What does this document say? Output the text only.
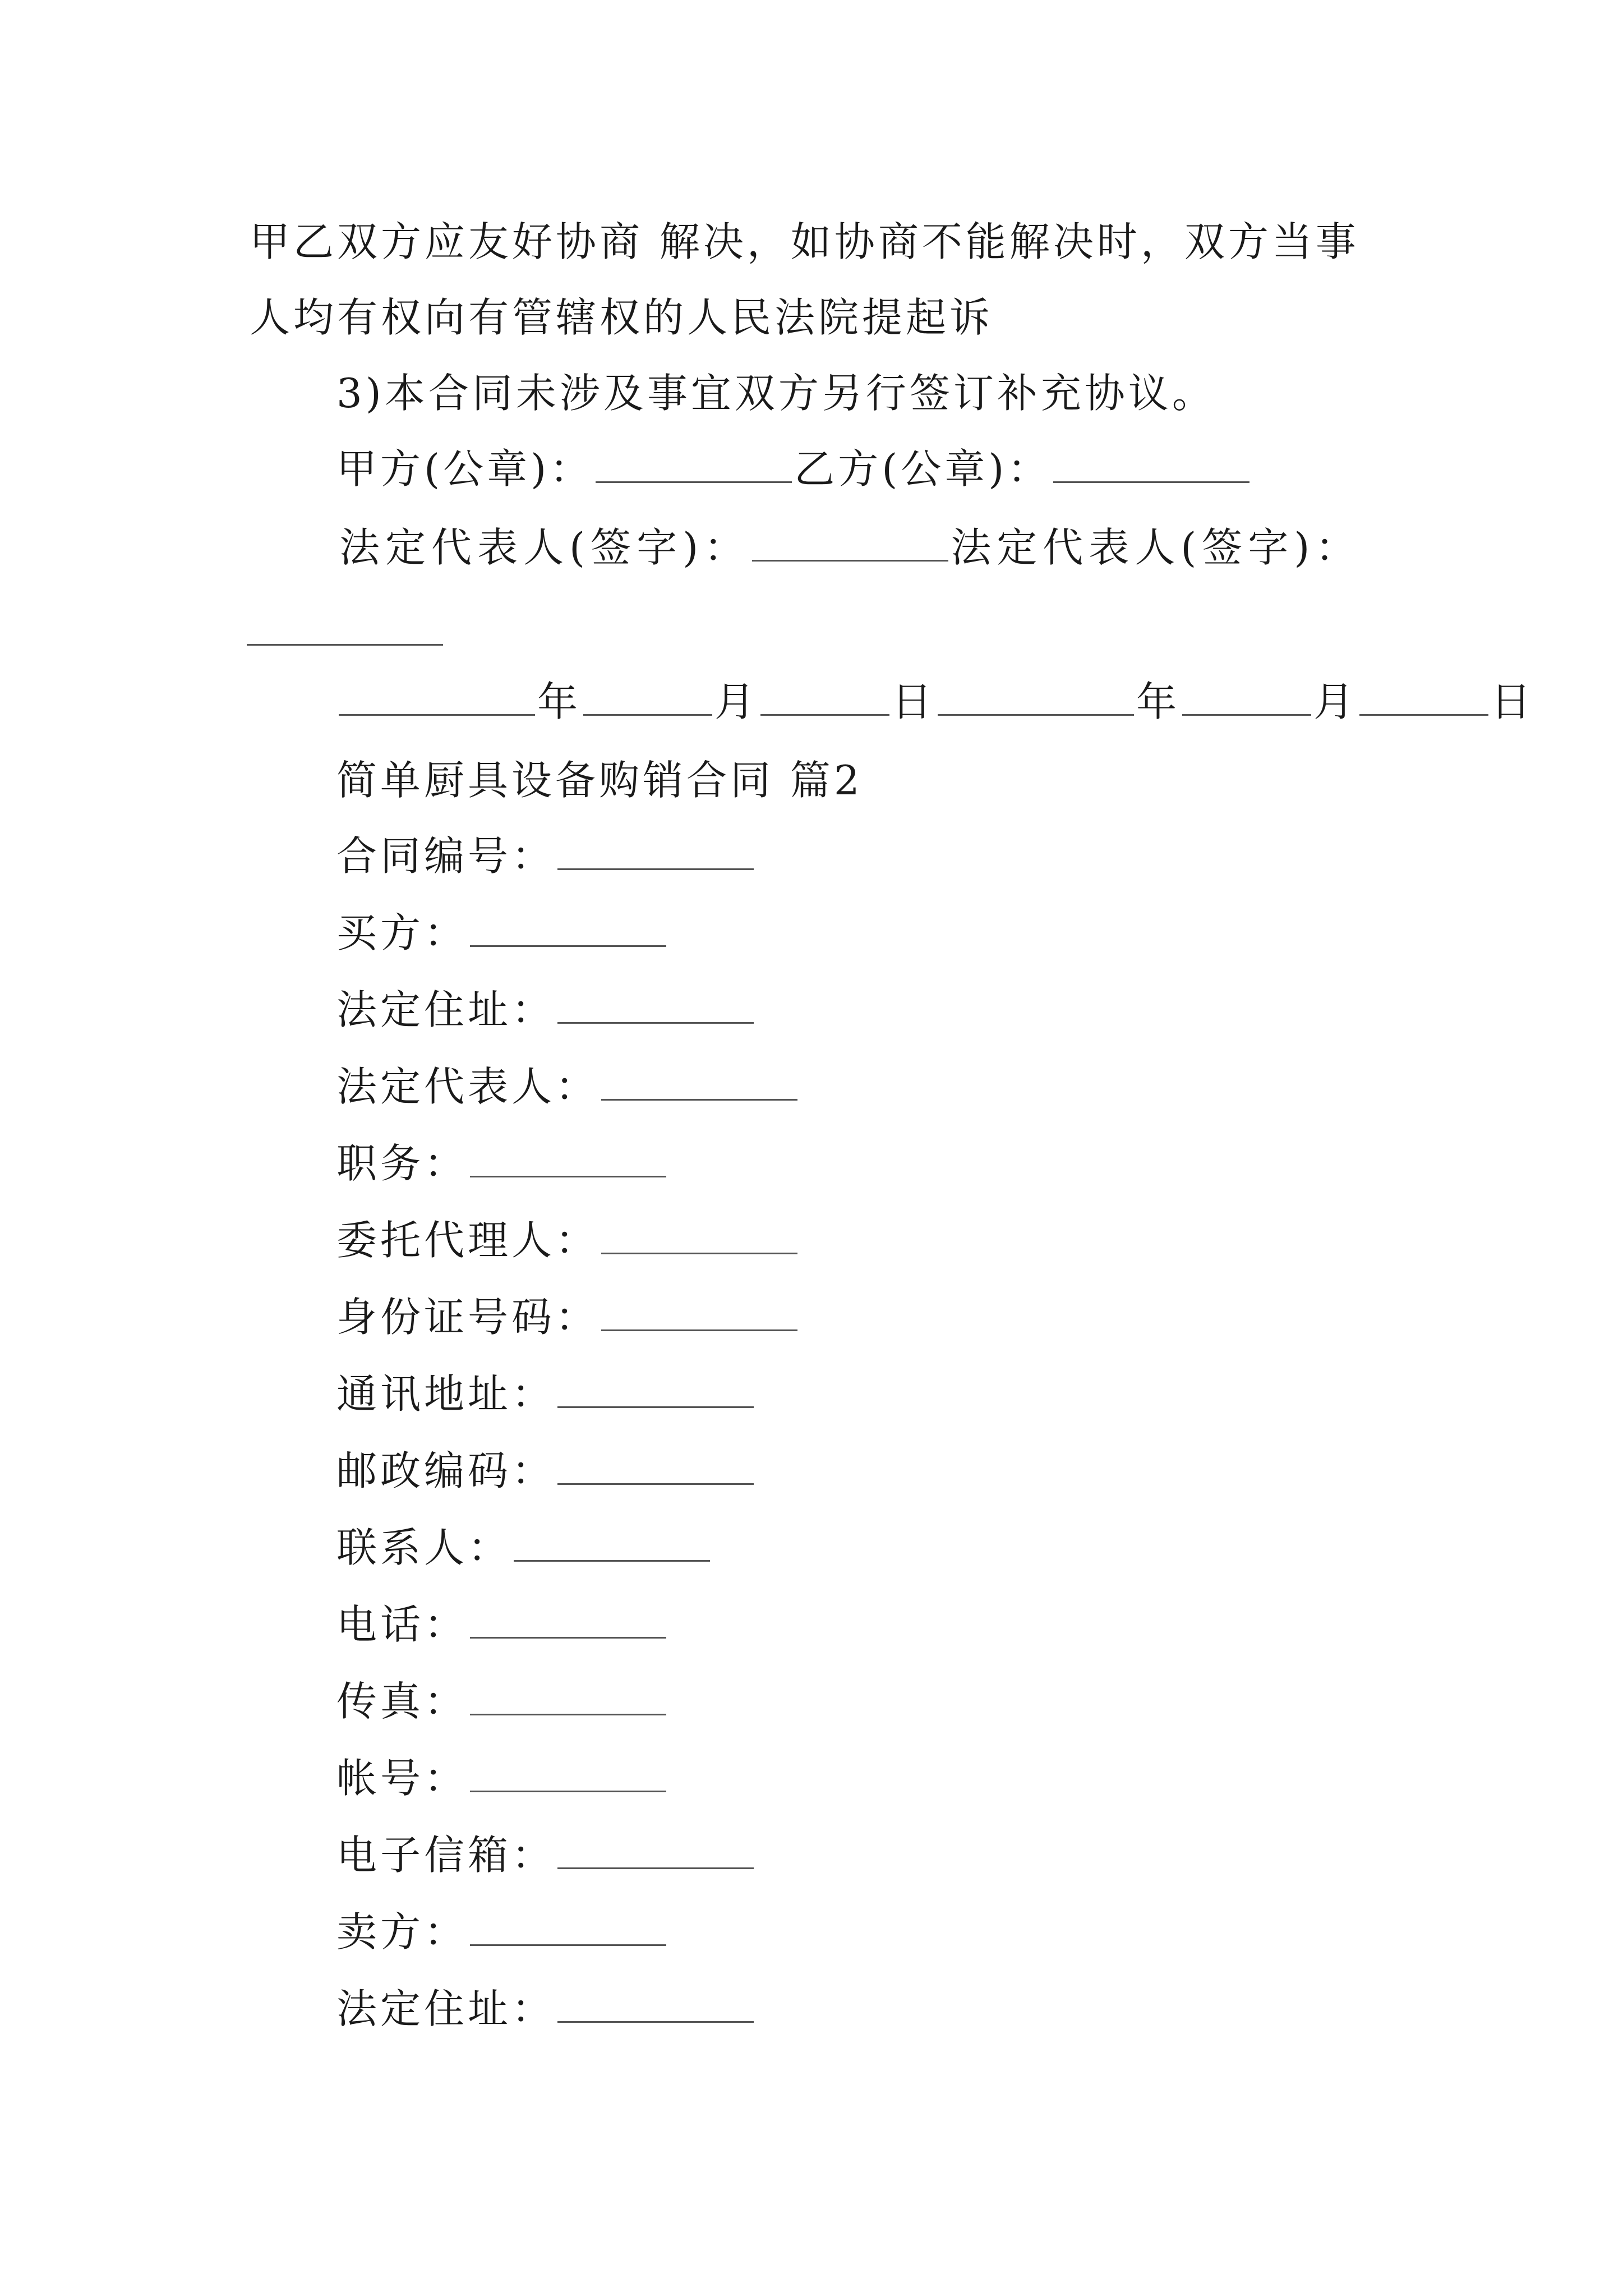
甲乙双方应友好协商 解决，如协商不能解决时，双方当事
人均有权向有管辖权的人民法院提起诉
3)本合同未涉及事宜双方另行签订补充协议。
甲方(公章)：	乙方(公章)：
法定代表人(签字)：	法定代表人(签字)：
年	月	日	年	月	日
简单厨具设备购销合同 篇2
合同编号：
买方：
法定住址：
法定代表人：
职务：
委托代理人：
身份证号码：
通讯地址：
邮政编码：
联系人：
电话：
传真：
帐号：
电子信箱：
卖方：
法定住址：
